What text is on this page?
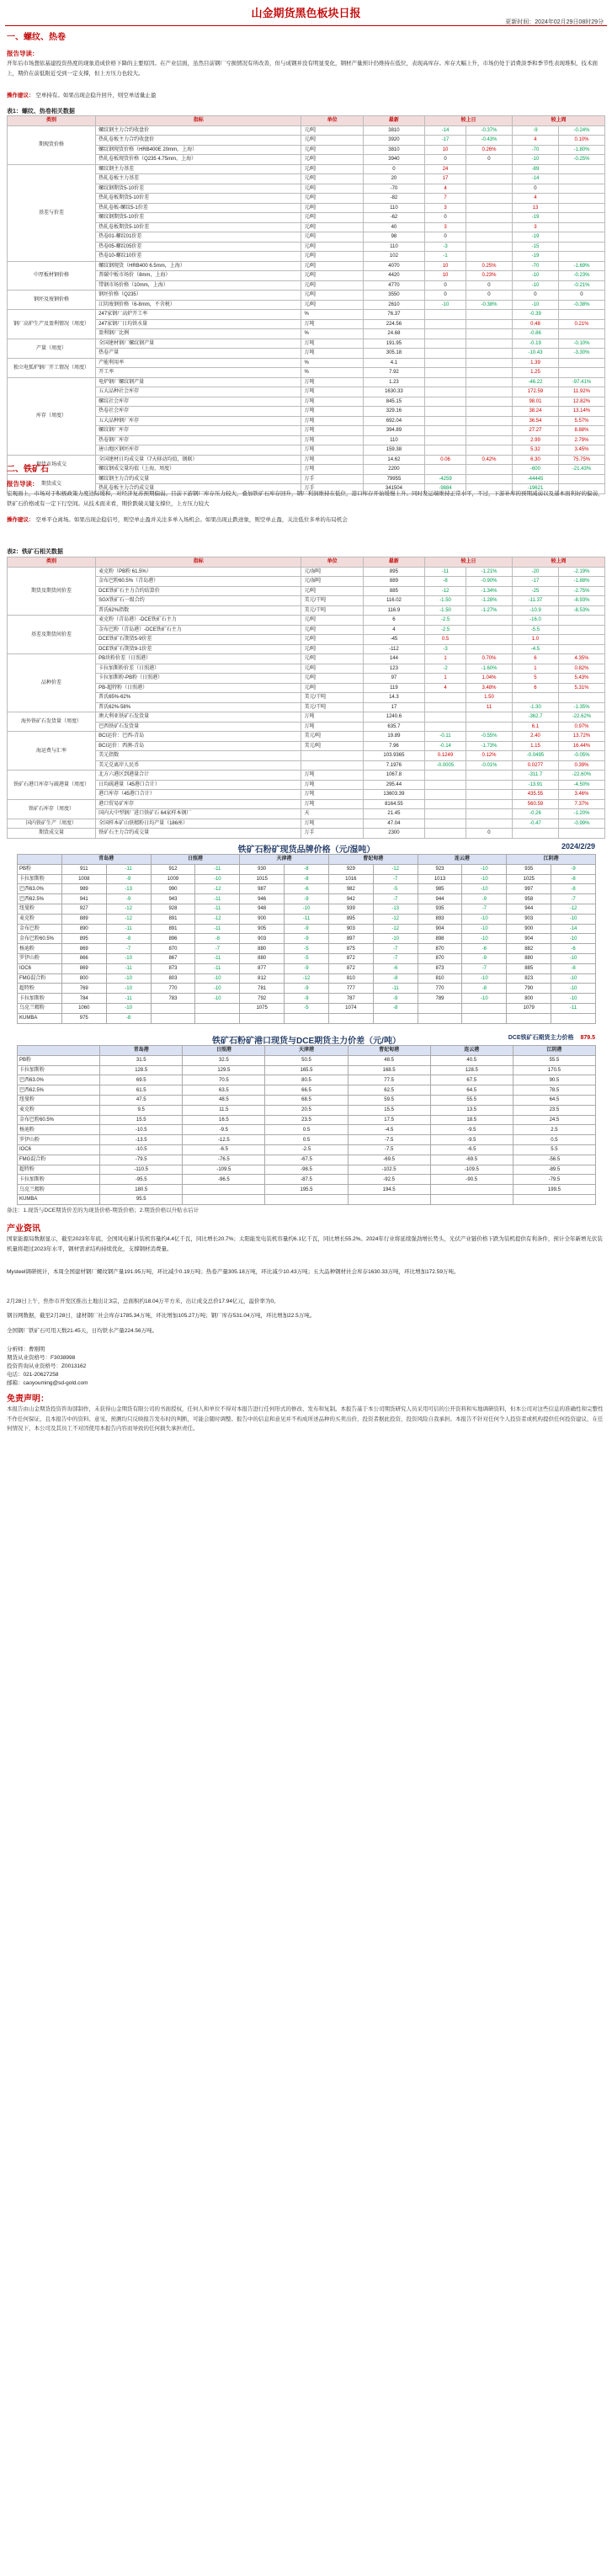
山金期货黑色板块日报
更新时间：2024年02月29日08时29分
一、螺纹、热卷
报告导读：
开年后市场想依基建投资热度的现象造成价格下降的主要原因。在产业层面，虽然目前钢厂亏损情况有所改善，但与成钢并没有明显变化，钢材产量预计仍维持在低位，表现高库存。库存大幅上升，市场仍处于消费淡季和季节性表现堆积，技术面上，期价在前低附近受到一定支撑，但上方压力也较大。
操作建议： 空单持有。如果出现企稳升回升，则空单适量止盈
表1：螺纹、热卷相关数据
类别	指标	单位	最新	较上日		较上周	
期现货价格	螺纹钢主力合约收盘价	元/吨	3810	-14	-0.37%	-9	-0.24%
	热轧卷板主力合约收盘价	元/吨	3920	-17	-0.43%	4	0.10%
	螺纹钢现货价格（HRB400E 20mm，上海）	元/吨	3810	10	0.26%	-70	-1.80%
	热轧卷板现货价格（Q235 4.75mm，上海）	元/吨	3940	0	0	-10	-0.25%
基差与价差	螺纹钢主力基差	元/吨	0	24		-89	
	热轧卷板主力基差	元/吨	20	17		-14	
	螺纹钢期货5-10价差	元/吨	-70	4		0	
	热轧卷板期货5-10价差	元/吨	-82	7		4	
	热轧卷板-螺纹5-1价差	元/吨	110	3		13	
	螺纹钢期货5-10价差	元/吨	-62	0		-19	
	热轧卷板期货5-10价差	元/吨	40	3		3	
	热卷01-螺纹01价差	元/吨	98	0		-19	
	热卷05-螺纹05价差	元/吨	110	-3		-15	
	热卷10-螺纹10价差	元/吨	102	-1		-19	
中厚板材钢价格	螺纹钢现货（HRB400 6.5mm，上海）	元/吨	4070	10	0.25%	-70	-1.69%
	普碳中板市场价（8mm，上海）	元/吨	4420	10	0.23%	-10	-0.23%
	带钢市场价格（10mm，上海）	元/吨	4770	0	0	-10	-0.21%
钢坯及废钢价格	钢坯价格（Q235）	元/吨	3550	0	0	0	0
	江阴废钢价格（6-8mm，不含税）	元/吨	2610	-10	-0.38%	-10	-0.38%
钢厂高炉生产及盈利情况（周度）	247家钢厂高炉开工率	%	76.37			-0.39	
	247家钢厂日均铁水量	万吨	224.56			0.48	0.21%
	盈利钢厂比例	%	24.68			-0.86	
产量（周度）	全国建材钢厂螺纹钢产量	万吨	191.95			-0.19	-0.10%
	热卷产量	万吨	305.18			-10.43	-3.30%
独立电弧炉钢厂开工情况（周度）	产能利用率	%	4.1			1.39	
	开工率	%	7.92			1.25	
库存（周度）	电炉钢厂螺纹钢产量	万吨	1.23			-46.22	-97.41%
	五大品种社会库存	万吨	1630.33			172.59	11.92%
	螺纹社会库存	万吨	845.15			98.01	12.82%
	热卷社会库存	万吨	329.16			38.24	13.14%
	五大品种钢厂库存	万吨	692.04			36.54	5.57%
	螺纹钢厂库存	万吨	394.89			27.27	8.88%
	热卷钢厂库存	万吨	110			2.99	2.79%
	唐山地区钢坯库存	万吨	159.38			5.32	3.45%
现货市场成交	全国建材日均成交量（7天移动均值，钢联）	万吨	14.62	0.06	0.42%	6.30	75.75%
	螺纹钢成交量均值（上海，周度）	万吨	2200			-600	-21.43%
期货成交	螺纹钢主力合约成交量	万手	79955	-4259		-44445	
	热轧卷板主力合约成交量	万手	341504	-9884		-19621	
二、铁矿石
报告导读：
宏观面上，市场对于积极政策力度边际缓和，对经济复苏预期偏弱。目前下游钢厂库存压力较大，叠加铁矿石库存回升，钢厂利润维持在低位，港口库存开始缓慢上升。同时发运端维持正常水平，不过，下游补库的预期减弱以及基本面利好的偏弱，铁矿石价格或有一定下行空间。从技术面来看，期价跌破关键支撑位，上方压力较大
操作建议： 空单平仓离场。如果出现企稳信号，则空单止盈并关注多单入场机会。如果出现止跌迹象，则空单止盈，关注低位多单的布局机会
表2：铁矿石相关数据
类别	指标	单位	最新	较上日		较上周	
期货及期货间价差	麦克粉（PB粉 61.5%）	元/湿吨	895	-11	-1.21%	-20	-2.19%
	金布巴粉60.5%（青岛港）	元/湿吨	889	-8	-0.90%	-17	-1.88%
	DCE铁矿石主力合约结算价	元/吨	885	-12	-1.34%	-25	-2.75%
	SGX铁矿石一级合约	美元/干吨	116.02	-1.50	-1.28%	-11.37	-8.93%
	普氏62%指数	美元/干吨	116.9	-1.50	-1.27%	-10.9	-8.53%
基差及期货间价差	麦克粉（青岛港）-DCE铁矿石主力	元/吨	6	-2.5		-16.0	
	金布巴粉（青岛港）-DCE铁矿石主力	元/吨	4	-2.5		-5.5	
	DCE铁矿石期货5-9价差	元/吨	-45	0.5		1.0	
	DCE铁矿石期货9-1价差	元/吨	-112	-3		-4.5	
品种价差	PB块粉价差（日照港）	元/吨	144	1	0.70%	6	4.35%
	卡拉加斯粉价差（日照港）	元/吨	123	-2	-1.60%	1	0.82%
	卡拉加斯粉-PB粉（日照港）	元/吨	97	1	1.04%	5	5.43%
	PB-超特粉（日照港）	元/吨	119	4	3.48%	6	5.31%
	普氏65%-62%	美元/干吨	14.3		1.50		
	普氏62%-58%	美元/干吨	17		11	-1.30	-1.35%
海外铁矿石发货量（周度）	澳大利亚铁矿石发货量	万吨	1240.6			-362.7	-22.62%
	巴西铁矿石发货量	万吨	635.7			6.1	0.97%
海运费与汇率	BCI运价：巴西-青岛	美元/吨	19.89	-0.11	-0.55%	2.40	13.72%
	BCI运价：西澳-青岛	美元/吨	7.96	-0.14	-1.73%	1.15	16.44%
	美元指数		103.9365	0.1249	0.12%	-0.0495	-0.05%
	美元兑离岸人民币		7.1976	-0.0005	-0.01%	0.0277	0.39%
铁矿石港口库存与疏港量（周度）	北方六港区到港量合计	万吨	1067.8			-311.7	-22.60%
	日均疏港量（45港口合计）	万吨	295.44			-13.91	-4.50%
	港口库存（45港口合计）	万吨	13603.39			435.55	3.46%
铁矿石库存（周度）	港口贸易矿库存	万吨	8164.55			560.59	7.37%
	国内大中型钢厂进口铁矿石 64家样本钢厂	天	21.45			-0.26	-1.20%
国内铁矿生产（周度）	全国样本矿山铁精粉日均产量（186座）	万吨	47.04			-0.47	-0.99%
期货成交量	铁矿石主力合约成交量	万手	2300		0		
铁矿石粉矿现货品牌价格（元/湿吨）	2024/2/29
	青岛港		日照港		天津港		曹妃甸港		连云港		江阴港	
PB粉	911	-11	912	-11	930	-8	929	-12	923	-10	935	-9
卡拉加斯粉	1008	-9	1009	-10	1015	-8	1016	-7	1013	-10	1025	-8
巴西63.0%	989	-13	990	-12	987	-6	982	-5	985	-10	997	-8
巴西62.5%	941	-9	943	-11	946	-9	942	-7	944	-9	958	-7
纽曼粉	927	-12	928	-11	948	-10	939	-13	935	-7	944	-12
麦克粉	889	-12	891	-12	900	-11	895	-12	893	-10	903	-10
金布巴粉	890	-11	891	-11	905	-9	903	-12	904	-10	900	-14
金布巴粉60.5%	895	-8	896	-8	903	-9	897	-10	898	-10	904	-10
杨迪粉	869	-7	870	-7	880	-5	875	-7	870	-6	882	-6
罗伊山粉	866	-10	867	-11	880	-5	872	-7	870	-9	880	-10
IOC6	869	-11	873	-11	877	-9	872	-6	873	-7	885	-8
FMG混合粉	800	-10	803	-10	812	-12	810	-8	810	-10	823	-10
超特粉	769	-10	770	-10	781	-9	777	-11	770	-8	790	-10
卡拉加斯粉	784	-11	783	-10	792	-9	787	-9	789	-10	800	-10
乌克兰精粉	1060	-10			1075	-5	1074	-8			1079	-11
KUMBA	975	-8										
铁矿石粉矿港口现货与DCE期货主力价差（元/吨）	DCE铁矿石期货主力价格 879.5
	青岛港	日照港	天津港	曹妃甸港	连云港	江阴港
PB粉	31.5	32.5	50.5	48.5	40.5	55.5
卡拉加斯粉	128.5	129.5	165.5	168.5	128.5	170.5
巴西63.0%	69.5	70.5	80.5	77.5	67.5	90.5
巴西62.5%	61.5	63.5	66.5	62.5	64.5	78.5
纽曼粉	47.5	48.5	68.5	59.5	55.5	64.5
麦克粉	9.5	11.5	20.5	15.5	13.5	23.5
金布巴粉60.5%	15.5	16.5	23.5	17.5	18.5	24.5
杨迪粉	-10.5	-9.5	0.5	-4.5	-9.5	2.5
罗伊山粉	-13.5	-12.5	0.5	-7.5	-9.5	0.5
IOC6	-10.5	-6.5	-2.5	-7.5	-6.5	5.5
FMG混合粉	-79.5	-76.5	-67.5	-69.5	-69.5	-56.5
超特粉	-110.5	-109.5	-98.5	-102.5	-109.5	-89.5
卡拉加斯粉	-95.5	-96.5	-87.5	-92.5	-90.5	-79.5
乌克兰精粉	180.5		195.5	194.5		199.5
KUMBA	95.5					
备注：1.现货与DCE期货价差的为现货价格-期货价格；2.期货价格以升贴水后计
产业资讯
国家能源局数据显示，截至2023年年底，全国风电累计装机容量约4.4亿千瓦，同比增长20.7%；太阳能发电装机容量约6.1亿千瓦，同比增长55.2%。2024年行业将延续强劲增长势头，光伏产业链价格下跌为装机提供有利条件，预计全年新增光伏装机量将超过2023年水平，钢材需求结构持续优化，支撑钢材消费量。
Mysteel调研统计，本周全国建材钢厂螺纹钢产量191.95万吨，环比减少0.19万吨；热卷产量305.18万吨，环比减少10.43万吨；五大品种钢材社会库存1630.33万吨，环比增加172.59万吨。
2月28日上午，焦作市开发区推出土地出让3宗，总面积约18.04万平方米，出让成交总价17.94亿元，溢价率为0。
钢谷网数据，截至2月28日，建材钢厂社会库存1785.34万吨，环比增加105.27万吨；钢厂库存531.04万吨，环比增加22.5万吨。
全国钢厂铁矿石可用天数21.45天，日均铁水产量224.56万吨。
分析师：曹刚明
期货从业资格号：F3038998
投资咨询从业资格号：Z0013162
电话：021-20627258
邮箱：caoyouming@sd-gold.com
免责声明：
本报告由山金期货投资咨询部制作，未获得山金期货有限公司的书面授权，任何人和单位不得对本报告进行任何形式的修改、发布和复制。本报告基于本公司期货研究人员采用可信的公开资料和实地调研资料，但本公司对这些信息的准确性和完整性不作任何保证，且本报告中的资料、意见、预测均只反映报告发布时的判断，可能会随时调整。报告中的信息和意见并不构成所述品种的买卖出价，投资者据此投资，投资风险自我承担。本报告不针对任何个人投资者或机构提供任何投资建议，在任何情况下，本公司及其员工不对因使用本报告内容而导致的任何损失承担责任。
